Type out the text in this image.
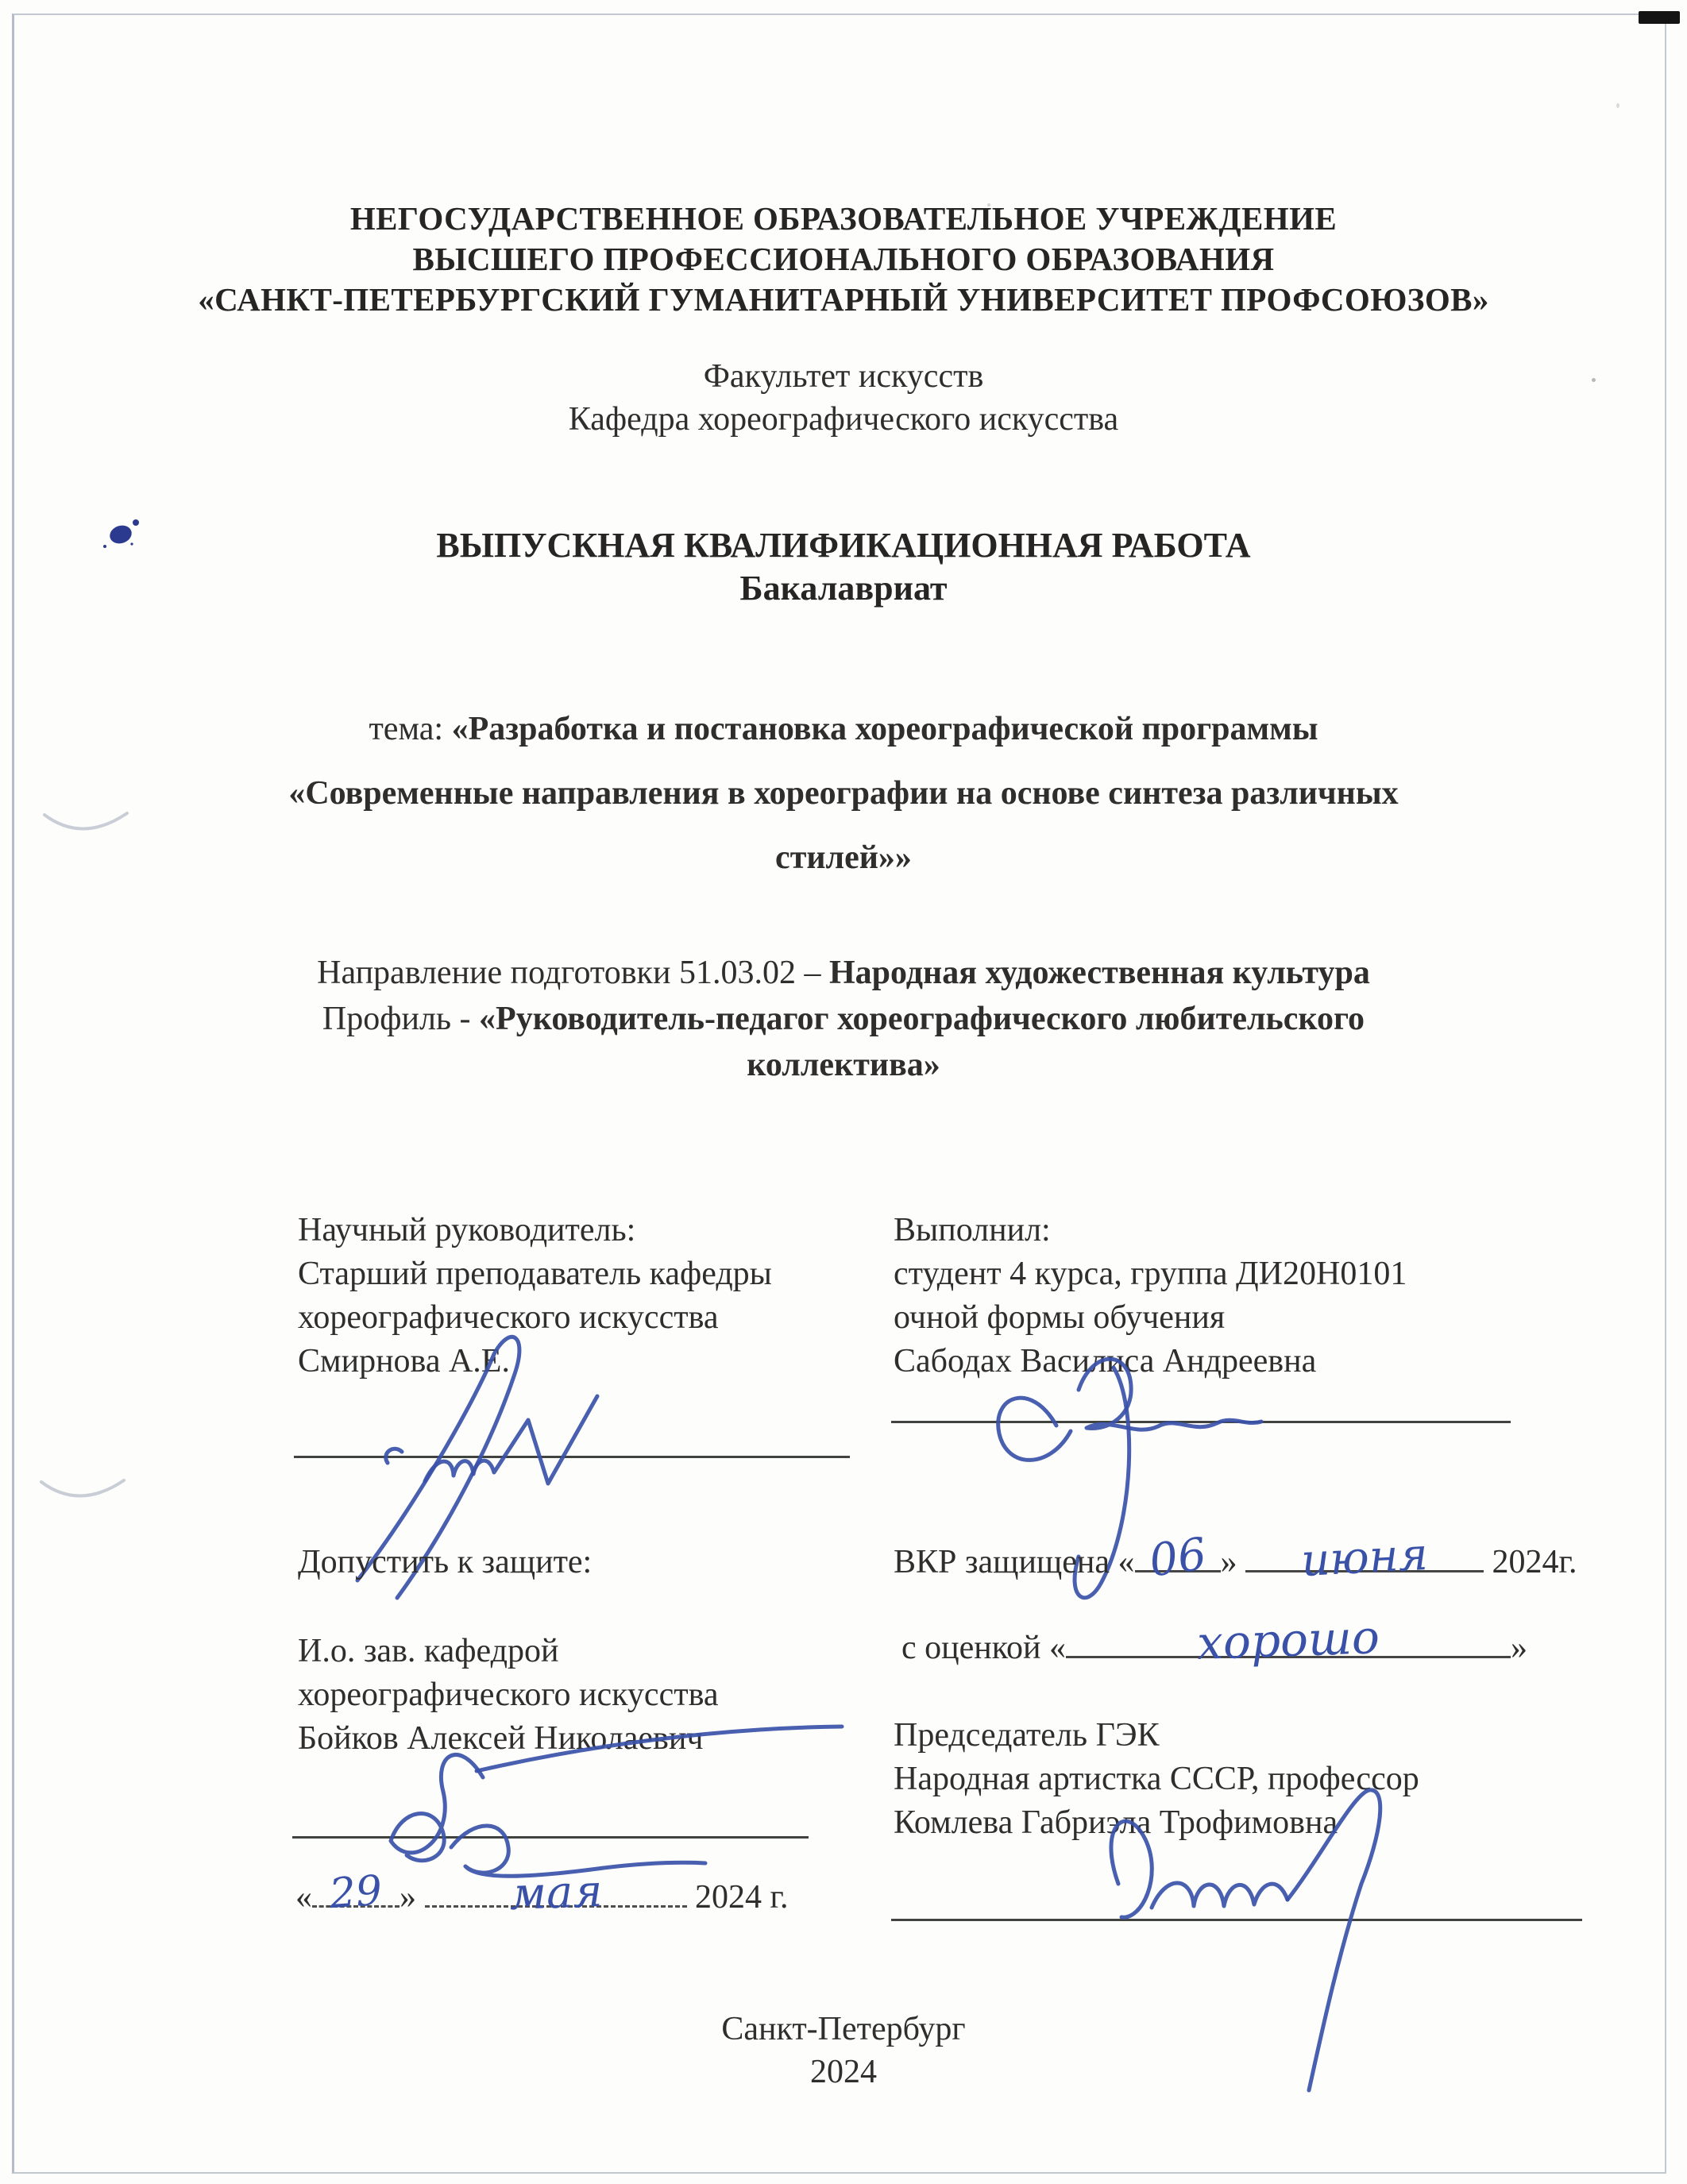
НЕГОСУДАРСТВЕННОЕ ОБРАЗОВАТЕЛЬНОЕ УЧРЕЖДЕНИЕ
ВЫСШЕГО ПРОФЕССИОНАЛЬНОГО ОБРАЗОВАНИЯ
«САНКТ-ПЕТЕРБУРГСКИЙ ГУМАНИТАРНЫЙ УНИВЕРСИТЕТ ПРОФСОЮЗОВ»
Факультет искусств
Кафедра хореографического искусства
ВЫПУСКНАЯ КВАЛИФИКАЦИОННАЯ РАБОТА
Бакалавриат
тема: «Разработка и постановка хореографической программы
«Современные направления в хореографии на основе синтеза различных
стилей»»
Направление подготовки 51.03.02 – Народная художественная культура
Профиль - «Руководитель-педагог хореографического любительского
коллектива»
Научный руководитель:
Старший преподаватель кафедры
хореографического искусства
Смирнова А.Е.
Выполнил:
студент 4 курса, группа ДИ20Н0101
очной формы обучения
Сабодах Василиса Андреевна
Допустить к защите:
И.о. зав. кафедрой
хореографического искусства
Бойков Алексей Николаевич
ВКР защищена « 06 » июня 2024г.
с оценкой «	хорошо	»
Председатель ГЭК
Народная артистка СССР, профессор
Комлева Габриэла Трофимовна
« 29 » мая	2024 г.
Санкт-Петербург
2024
